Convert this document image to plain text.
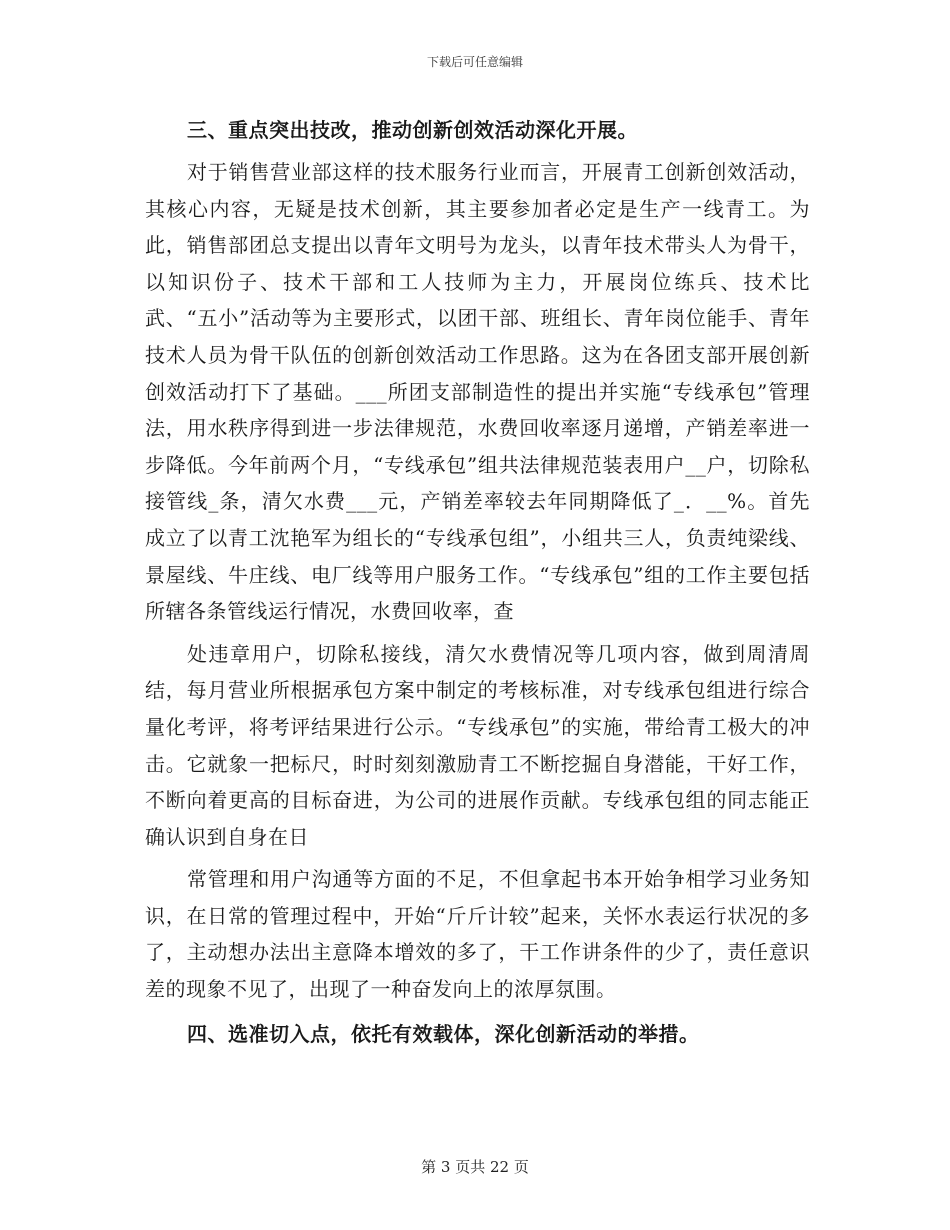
下载后可任意编辑

三、重点突出技改，推动创新创效活动深化开展。

对于销售营业部这样的技术服务行业而言，开展青工创新创效活动，其核心内容，无疑是技术创新，其主要参加者必定是生产一线青工。为此，销售部团总支提出以青年文明号为龙头，以青年技术带头人为骨干，以知识份子、技术干部和工人技师为主力，开展岗位练兵、技术比武、“五小”活动等为主要形式，以团干部、班组长、青年岗位能手、青年技术人员为骨干队伍的创新创效活动工作思路。这为在各团支部开展创新创效活动打下了基础。___所团支部制造性的提出并实施“专线承包”管理法，用水秩序得到进一步法律规范，水费回收率逐月递增，产销差率进一步降低。今年前两个月，“专线承包”组共法律规范装表用户__户，切除私接管线_条，清欠水费___元，产销差率较去年同期降低了_．__%。首先成立了以青工沈艳军为组长的“专线承包组”，小组共三人，负责纯梁线、景屋线、牛庄线、电厂线等用户服务工作。“专线承包”组的工作主要包括所辖各条管线运行情况，水费回收率，查

处违章用户，切除私接线，清欠水费情况等几项内容，做到周清周结，每月营业所根据承包方案中制定的考核标准，对专线承包组进行综合量化考评，将考评结果进行公示。“专线承包”的实施，带给青工极大的冲击。它就象一把标尺，时时刻刻激励青工不断挖掘自身潜能，干好工作，不断向着更高的目标奋进，为公司的进展作贡献。专线承包组的同志能正确认识到自身在日

常管理和用户沟通等方面的不足，不但拿起书本开始争相学习业务知识，在日常的管理过程中，开始“斤斤计较”起来，关怀水表运行状况的多了，主动想办法出主意降本增效的多了，干工作讲条件的少了，责任意识差的现象不见了，出现了一种奋发向上的浓厚氛围。

四、选准切入点，依托有效载体，深化创新活动的举措。

第 3 页共 22 页
